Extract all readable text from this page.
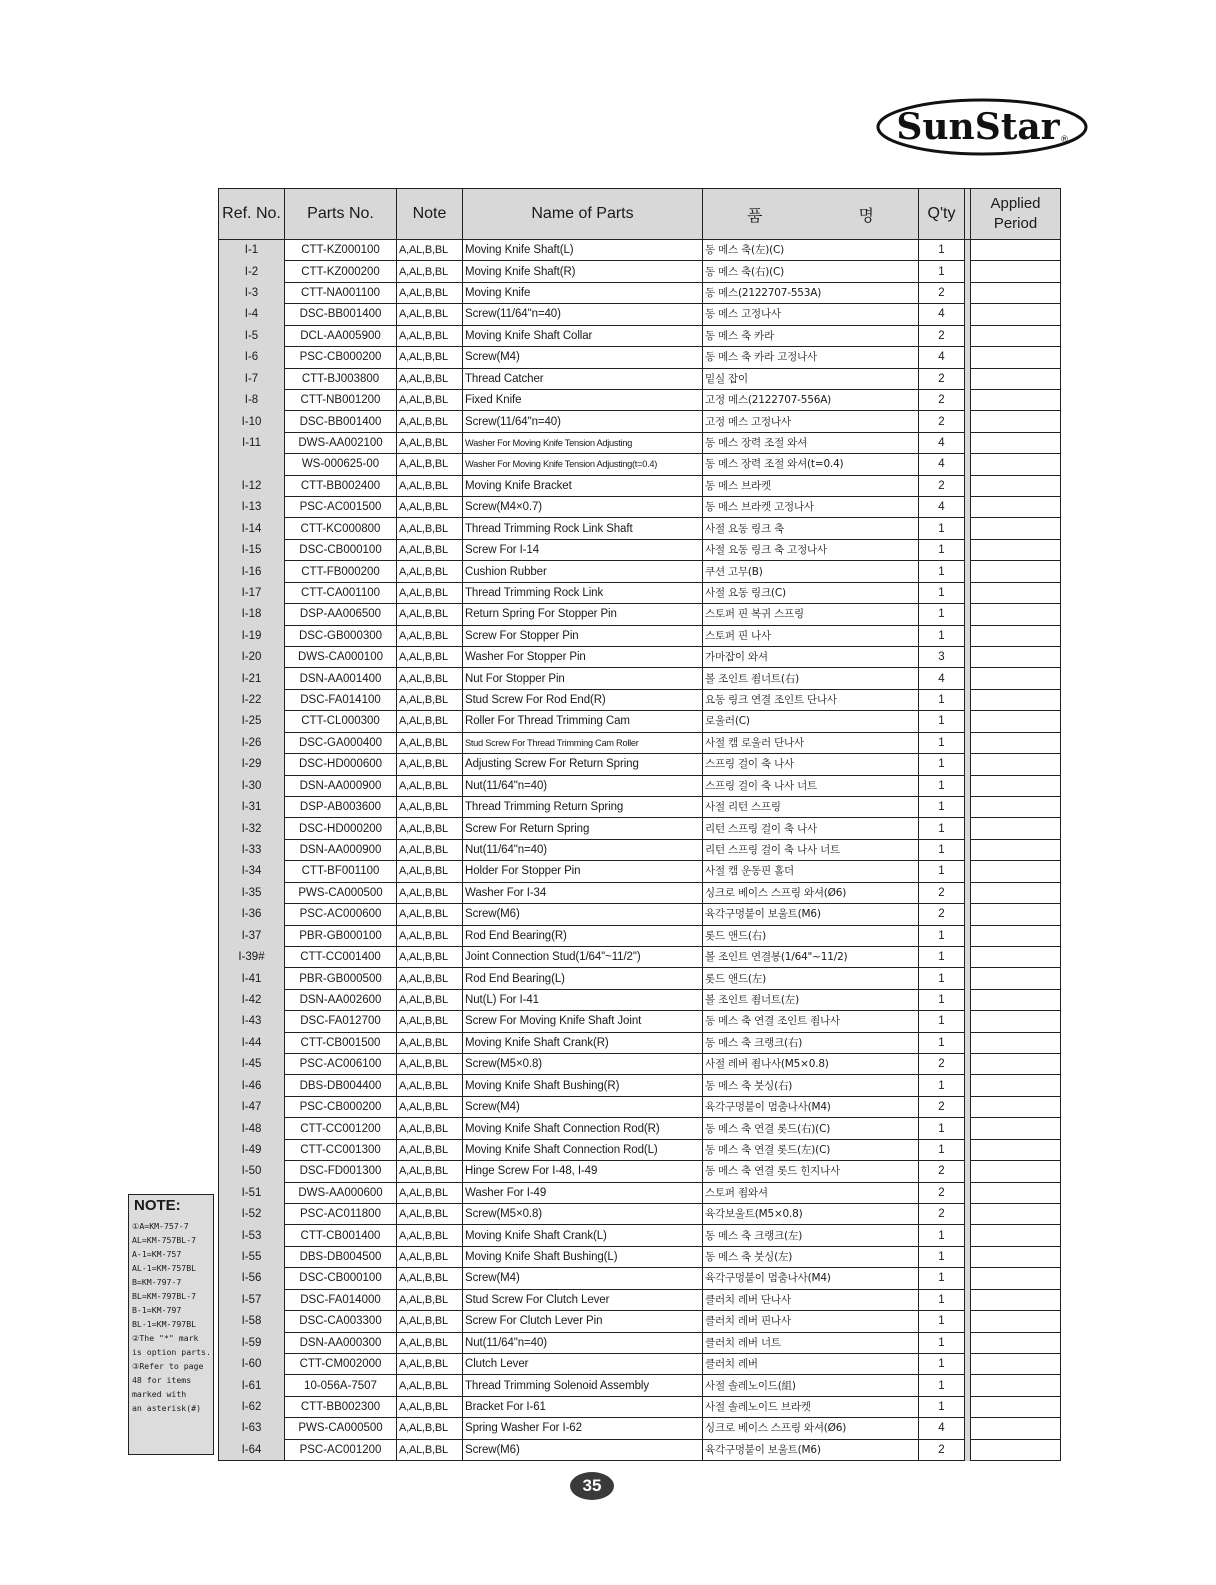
SunStar ®
Ref. No.	Parts No.	Note	Name of Parts	품 명	Q'ty		Applied
Period

I-1	CTT-KZ000100	A,AL,B,BL	Moving Knife Shaft(L)	동 메스 축(左)(C)	1		
I-2	CTT-KZ000200	A,AL,B,BL	Moving Knife Shaft(R)	동 메스 축(右)(C)	1		
I-3	CTT-NA001100	A,AL,B,BL	Moving Knife	동 메스(2122707-553A)	2		
I-4	DSC-BB001400	A,AL,B,BL	Screw(11/64"n=40)	동 메스 고정나사	4		
I-5	DCL-AA005900	A,AL,B,BL	Moving Knife Shaft Collar	동 메스 축 카라	2		
I-6	PSC-CB000200	A,AL,B,BL	Screw(M4)	동 메스 축 카라 고정나사	4		
I-7	CTT-BJ003800	A,AL,B,BL	Thread Catcher	밑실 잡이	2		
I-8	CTT-NB001200	A,AL,B,BL	Fixed Knife	고정 메스(2122707-556A)	2		
I-10	DSC-BB001400	A,AL,B,BL	Screw(11/64"n=40)	고정 메스 고정나사	2		
I-11	DWS-AA002100	A,AL,B,BL	Washer For Moving Knife Tension Adjusting	동 메스 장력 조절 와셔	4		
	WS-000625-00	A,AL,B,BL	Washer For Moving Knife Tension Adjusting(t=0.4)	동 메스 장력 조절 와셔(t=0.4)	4		
I-12	CTT-BB002400	A,AL,B,BL	Moving Knife Bracket	동 메스 브라켓	2		
I-13	PSC-AC001500	A,AL,B,BL	Screw(M4×0.7)	동 메스 브라켓 고정나사	4		
I-14	CTT-KC000800	A,AL,B,BL	Thread Trimming Rock Link Shaft	사절 요동 링크 축	1		
I-15	DSC-CB000100	A,AL,B,BL	Screw For I-14	사절 요동 링크 축 고정나사	1		
I-16	CTT-FB000200	A,AL,B,BL	Cushion Rubber	쿠션 고무(B)	1		
I-17	CTT-CA001100	A,AL,B,BL	Thread Trimming Rock Link	사절 요동 링크(C)	1		
I-18	DSP-AA006500	A,AL,B,BL	Return Spring For Stopper Pin	스토퍼 핀 복귀 스프링	1		
I-19	DSC-GB000300	A,AL,B,BL	Screw For Stopper Pin	스토퍼 핀 나사	1		
I-20	DWS-CA000100	A,AL,B,BL	Washer For Stopper Pin	가마잡이 와셔	3		
I-21	DSN-AA001400	A,AL,B,BL	Nut For Stopper Pin	볼 조인트 죔너트(右)	4		
I-22	DSC-FA014100	A,AL,B,BL	Stud Screw For Rod End(R)	요동 링크 연결 조인트 단나사	1		
I-25	CTT-CL000300	A,AL,B,BL	Roller For Thread Trimming Cam	로울러(C)	1		
I-26	DSC-GA000400	A,AL,B,BL	Stud Screw For Thread Trimming Cam Roller	사절 캠 로울러 단나사	1		
I-29	DSC-HD000600	A,AL,B,BL	Adjusting Screw For Return Spring	스프링 걸이 축 나사	1		
I-30	DSN-AA000900	A,AL,B,BL	Nut(11/64"n=40)	스프링 걸이 축 나사 너트	1		
I-31	DSP-AB003600	A,AL,B,BL	Thread Trimming Return Spring	사절 리턴 스프링	1		
I-32	DSC-HD000200	A,AL,B,BL	Screw For Return Spring	리턴 스프링 걸이 축 나사	1		
I-33	DSN-AA000900	A,AL,B,BL	Nut(11/64"n=40)	리턴 스프링 걸이 축 나사 너트	1		
I-34	CTT-BF001100	A,AL,B,BL	Holder For Stopper Pin	사절 캠 운동핀 홀더	1		
I-35	PWS-CA000500	A,AL,B,BL	Washer For I-34	싱크로 베이스 스프링 와셔(Ø6)	2		
I-36	PSC-AC000600	A,AL,B,BL	Screw(M6)	육각구멍붙이 보울트(M6)	2		
I-37	PBR-GB000100	A,AL,B,BL	Rod End Bearing(R)	롯드 앤드(右)	1		
I-39#	CTT-CC001400	A,AL,B,BL	Joint Connection Stud(1/64"~11/2")	볼 조인트 연결봉(1/64"~11/2)	1		
I-41	PBR-GB000500	A,AL,B,BL	Rod End Bearing(L)	롯드 앤드(左)	1		
I-42	DSN-AA002600	A,AL,B,BL	Nut(L) For I-41	볼 조인트 죔너트(左)	1		
I-43	DSC-FA012700	A,AL,B,BL	Screw For Moving Knife Shaft Joint	동 메스 축 연결 조인트 죔나사	1		
I-44	CTT-CB001500	A,AL,B,BL	Moving Knife Shaft Crank(R)	동 메스 축 크랭크(右)	1		
I-45	PSC-AC006100	A,AL,B,BL	Screw(M5×0.8)	사절 레버 죔나사(M5×0.8)	2		
I-46	DBS-DB004400	A,AL,B,BL	Moving Knife Shaft Bushing(R)	동 메스 축 붓싱(右)	1		
I-47	PSC-CB000200	A,AL,B,BL	Screw(M4)	육각구멍붙이 멈춤나사(M4)	2		
I-48	CTT-CC001200	A,AL,B,BL	Moving Knife Shaft Connection Rod(R)	동 메스 축 연결 롯드(右)(C)	1		
I-49	CTT-CC001300	A,AL,B,BL	Moving Knife Shaft Connection Rod(L)	동 메스 축 연결 롯드(左)(C)	1		
I-50	DSC-FD001300	A,AL,B,BL	Hinge Screw For I-48, I-49	동 메스 축 연결 롯드 힌지나사	2		
I-51	DWS-AA000600	A,AL,B,BL	Washer For I-49	스토퍼 죔와셔	2		
I-52	PSC-AC011800	A,AL,B,BL	Screw(M5×0.8)	육각보울트(M5×0.8)	2		
I-53	CTT-CB001400	A,AL,B,BL	Moving Knife Shaft Crank(L)	동 메스 축 크랭크(左)	1		
I-55	DBS-DB004500	A,AL,B,BL	Moving Knife Shaft Bushing(L)	동 메스 축 붓싱(左)	1		
I-56	DSC-CB000100	A,AL,B,BL	Screw(M4)	육각구멍붙이 멈춤나사(M4)	1		
I-57	DSC-FA014000	A,AL,B,BL	Stud Screw For Clutch Lever	클러치 레버 단나사	1		
I-58	DSC-CA003300	A,AL,B,BL	Screw For Clutch Lever Pin	클러치 레버 핀나사	1		
I-59	DSN-AA000300	A,AL,B,BL	Nut(11/64"n=40)	클러치 레버 너트	1		
I-60	CTT-CM002000	A,AL,B,BL	Clutch Lever	클러치 레버	1		
I-61	10-056A-7507	A,AL,B,BL	Thread Trimming Solenoid Assembly	사절 솔레노이드(組)	1		
I-62	CTT-BB002300	A,AL,B,BL	Bracket For I-61	사절 솔레노이드 브라켓	1		
I-63	PWS-CA000500	A,AL,B,BL	Spring Washer For I-62	싱크로 베이스 스프링 와셔(Ø6)	4		
I-64	PSC-AC001200	A,AL,B,BL	Screw(M6)	육각구멍붙이 보울트(M6)	2		
NOTE:
①A=KM-757-7
AL=KM-757BL-7
A-1=KM-757
AL-1=KM-757BL
B=KM-797-7
BL=KM-797BL-7
B-1=KM-797
BL-1=KM-797BL
②The "*" mark
is option parts.
③Refer to page
48 for items
marked with
an asterisk(#)
35
